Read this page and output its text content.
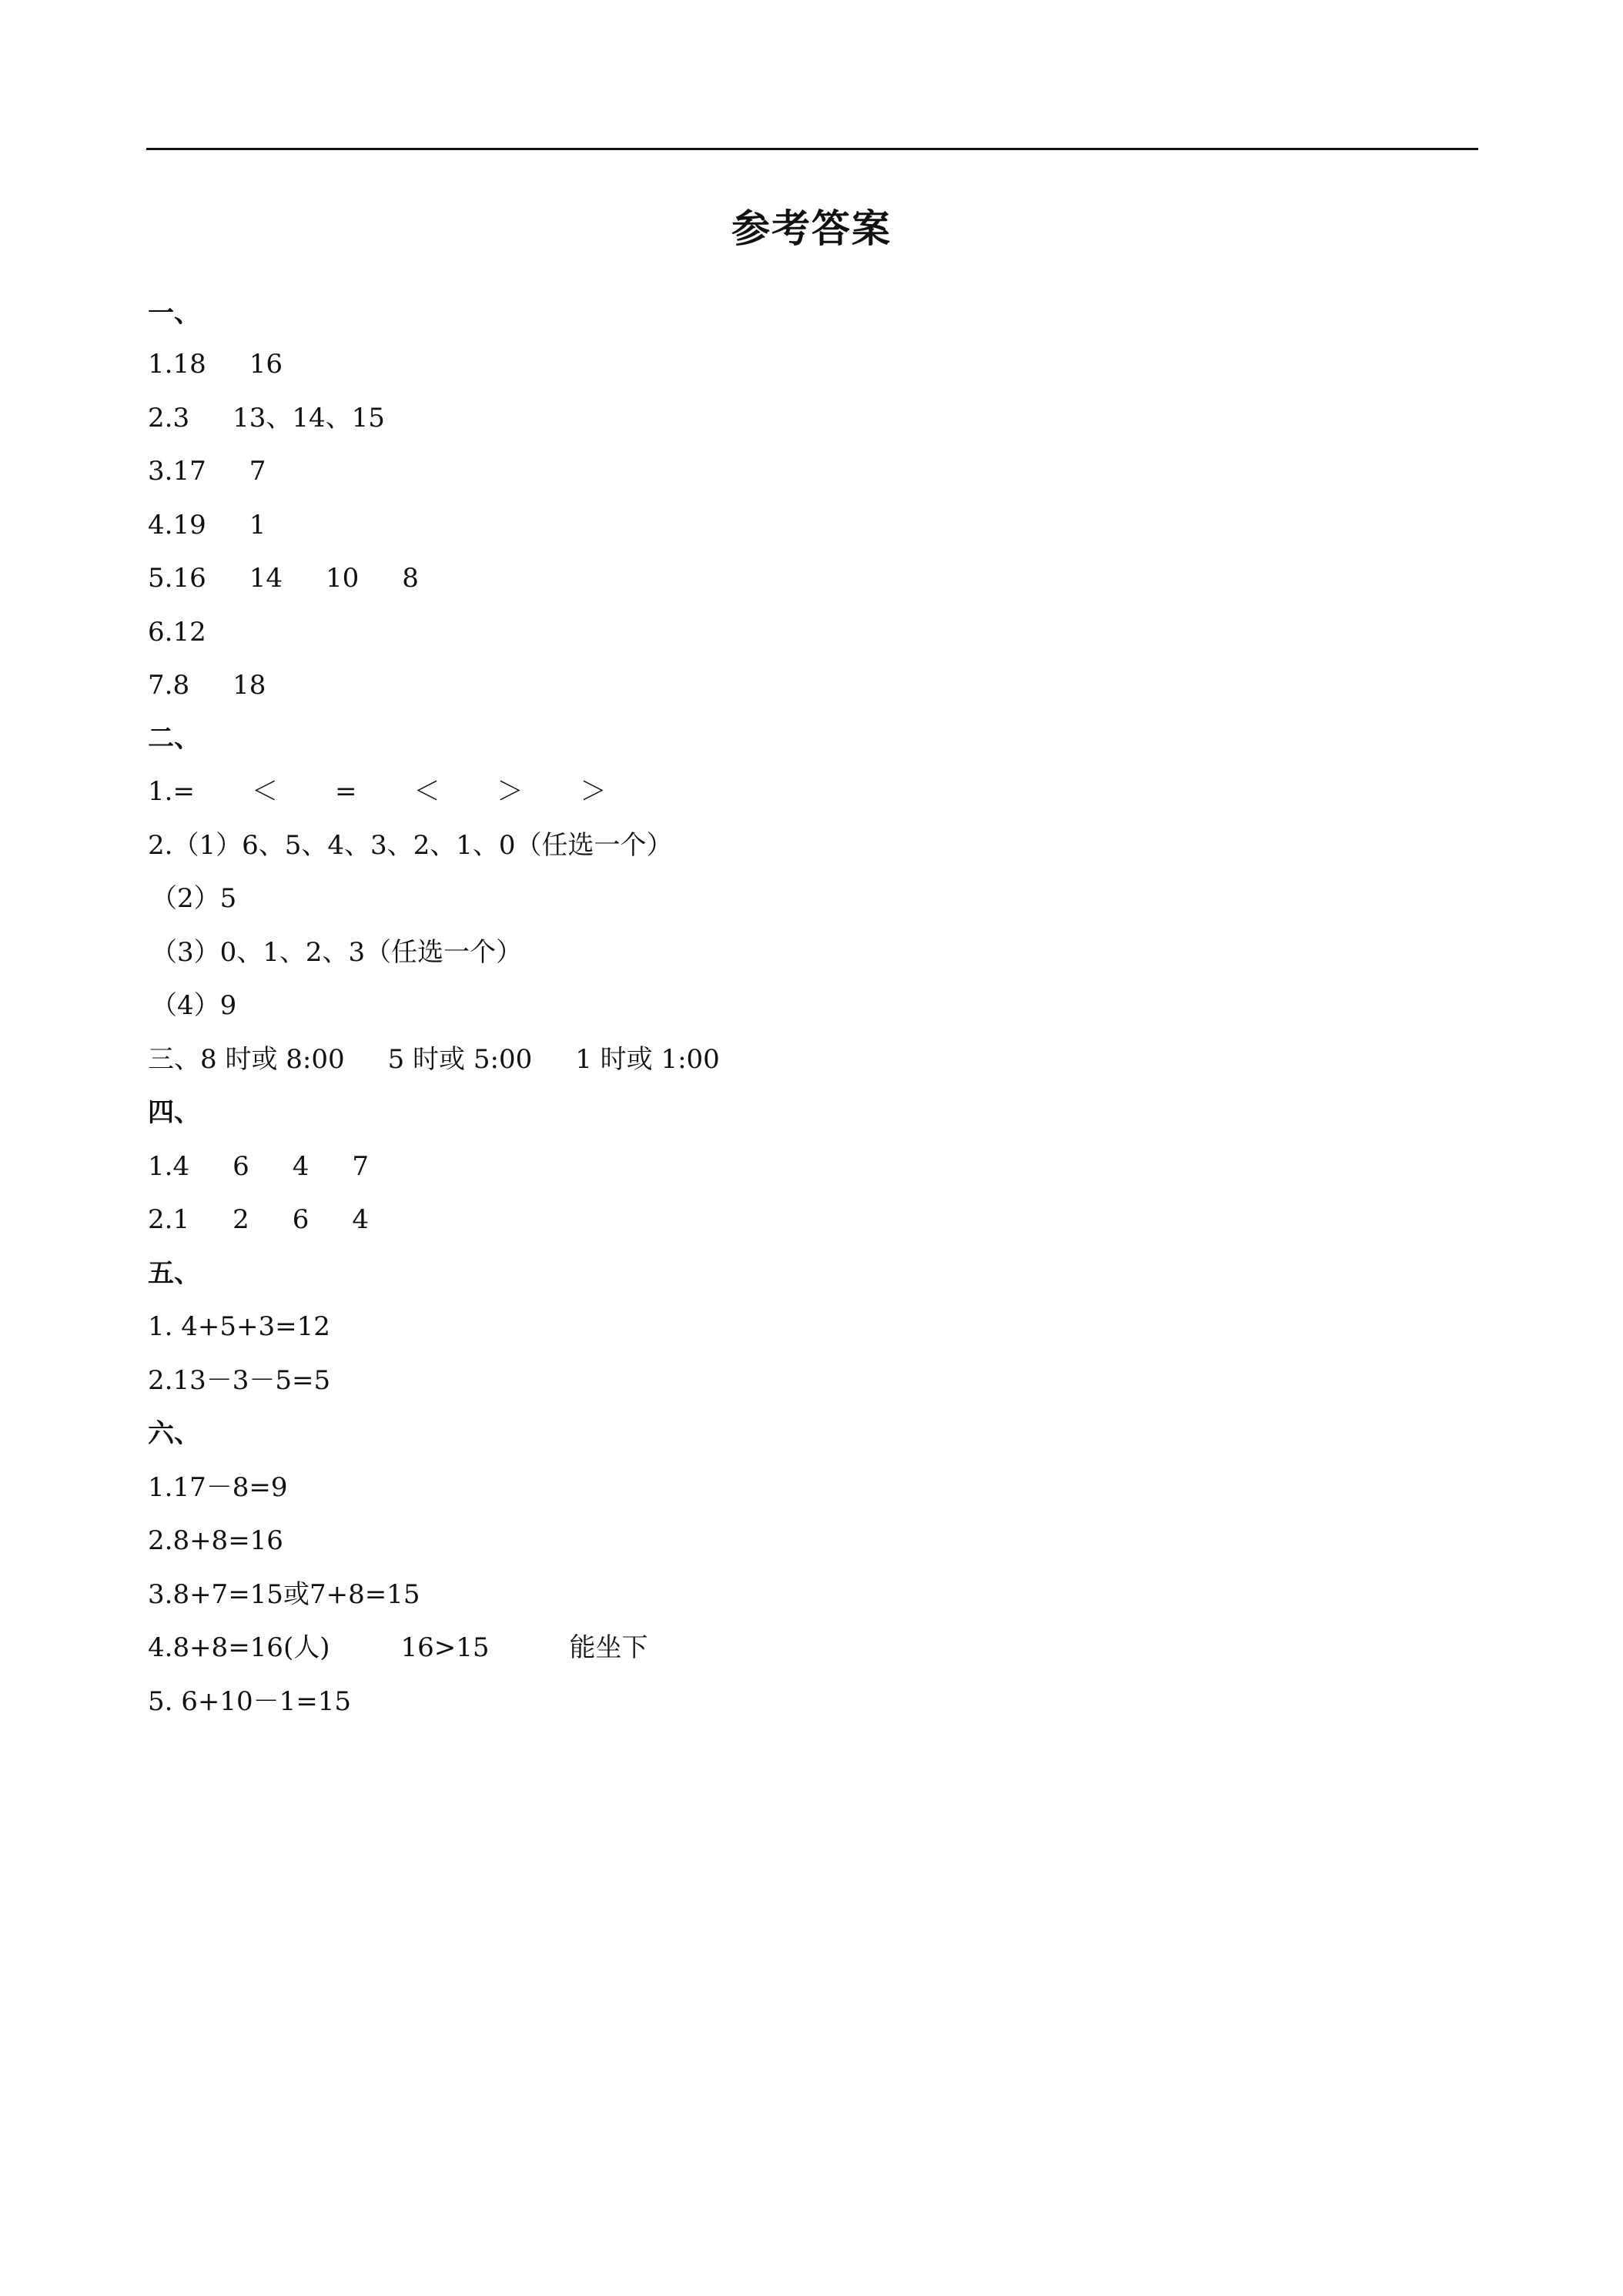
参考答案
一、
1.18 16
2.3 13、14、15
3.17 7
4.19 1
5.16 14 10 8
6.12
7.8 18
二、
1.= ＜ = ＜ ＞ ＞
2.（1）6、5、4、3、2、1、0（任选一个）
（2）5
（3）0、1、2、3（任选一个）
（4）9
三、8 时或 8:00 5 时或 5:00 1 时或 1:00
四、
1.4 6 4 7
2.1 2 6 4
五、
1. 4+5+3=12
2.13－3－5=5
六、
1.17－8=9
2.8+8=16
3.8+7=15或7+8=15
4.8+8=16(人)	16>15	能坐下
5. 6+10－1=15
